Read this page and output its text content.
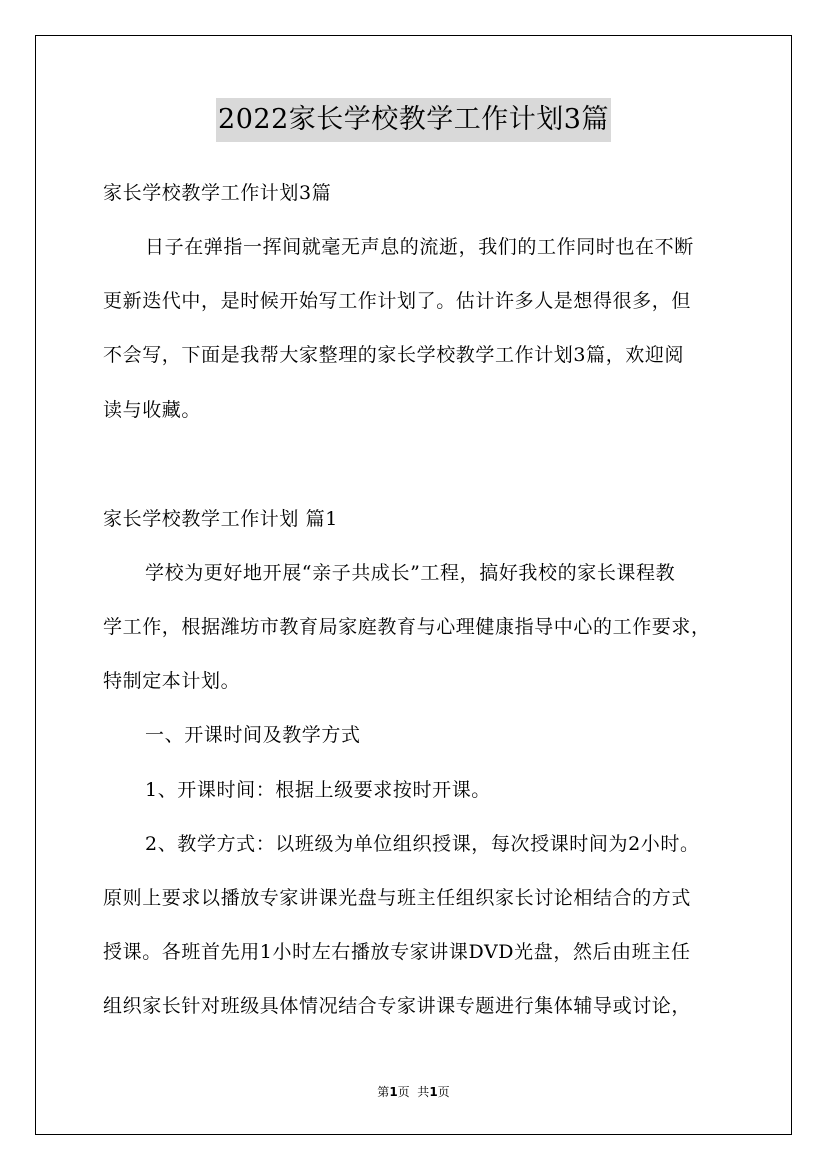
2022家长学校教学工作计划3篇
家长学校教学工作计划3篇
日子在弹指一挥间就毫无声息的流逝，我们的工作同时也在不断
更新迭代中，是时候开始写工作计划了。估计许多人是想得很多，但
不会写，下面是我帮大家整理的家长学校教学工作计划3篇，欢迎阅
读与收藏。
家长学校教学工作计划 篇1
学校为更好地开展“亲子共成长”工程，搞好我校的家长课程教
学工作，根据潍坊市教育局家庭教育与心理健康指导中心的工作要求，
特制定本计划。
一、开课时间及教学方式
1、开课时间：根据上级要求按时开课。
2、教学方式：以班级为单位组织授课，每次授课时间为2小时。
原则上要求以播放专家讲课光盘与班主任组织家长讨论相结合的方式
授课。各班首先用1小时左右播放专家讲课DVD光盘，然后由班主任
组织家长针对班级具体情况结合专家讲课专题进行集体辅导或讨论，
第1页  共1页
